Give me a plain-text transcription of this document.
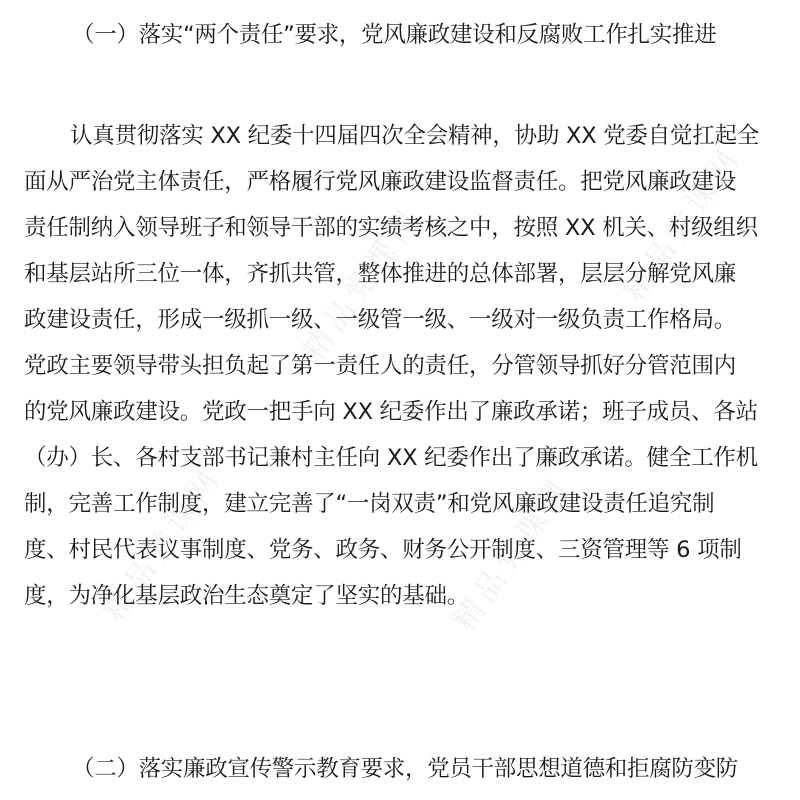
精品党课网	精品党课网
精品党课网	精品党课网
（一）落实“两个责任”要求，党风廉政建设和反腐败工作扎实推进
认真贯彻落实 XX 纪委十四届四次全会精神，协助 XX 党委自觉扛起全
面从严治党主体责任，严格履行党风廉政建设监督责任。把党风廉政建设
责任制纳入领导班子和领导干部的实绩考核之中，按照 XX 机关、村级组织
和基层站所三位一体，齐抓共管，整体推进的总体部署，层层分解党风廉
政建设责任，形成一级抓一级、一级管一级、一级对一级负责工作格局。
党政主要领导带头担负起了第一责任人的责任，分管领导抓好分管范围内
的党风廉政建设。党政一把手向 XX 纪委作出了廉政承诺；班子成员、各站
（办）长、各村支部书记兼村主任向 XX 纪委作出了廉政承诺。健全工作机
制，完善工作制度，建立完善了“一岗双责”和党风廉政建设责任追究制
度、村民代表议事制度、党务、政务、财务公开制度、三资管理等 6 项制
度，为净化基层政治生态奠定了坚实的基础。
（二）落实廉政宣传警示教育要求，党员干部思想道德和拒腐防变防
